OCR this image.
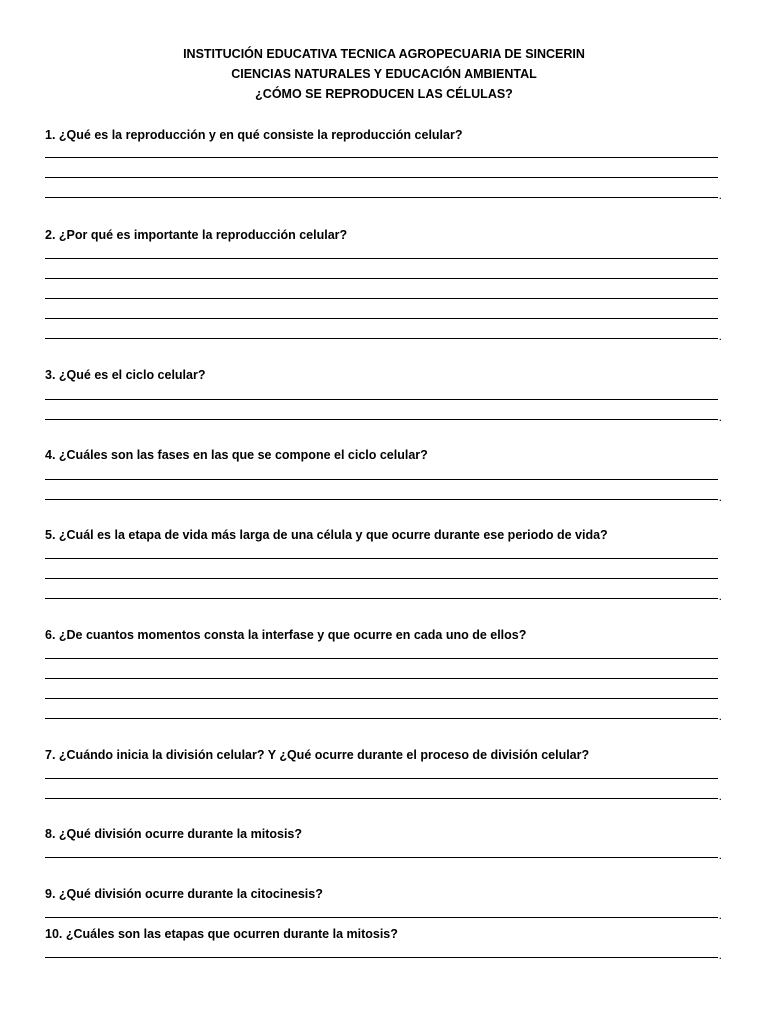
INSTITUCIÓN EDUCATIVA TECNICA AGROPECUARIA DE SINCERIN
CIENCIAS NATURALES Y EDUCACIÓN AMBIENTAL
¿CÓMO SE REPRODUCEN LAS CÉLULAS?
1. ¿Qué es la reproducción y en qué consiste la reproducción celular?
.
2. ¿Por qué es importante la reproducción celular?
.
3. ¿Qué es el ciclo celular?
.
4. ¿Cuáles son las fases en las que se compone el ciclo celular?
.
5. ¿Cuál es la etapa de vida más larga de una célula y que ocurre durante ese periodo de vida?
.
6. ¿De cuantos momentos consta la interfase y que ocurre en cada uno de ellos?
.
7. ¿Cuándo inicia la división celular? Y ¿Qué ocurre durante el proceso de división celular?
.
8. ¿Qué división ocurre durante la mitosis?
.
9. ¿Qué división ocurre durante la citocinesis?
.
10. ¿Cuáles son las etapas que ocurren durante la mitosis?
.
